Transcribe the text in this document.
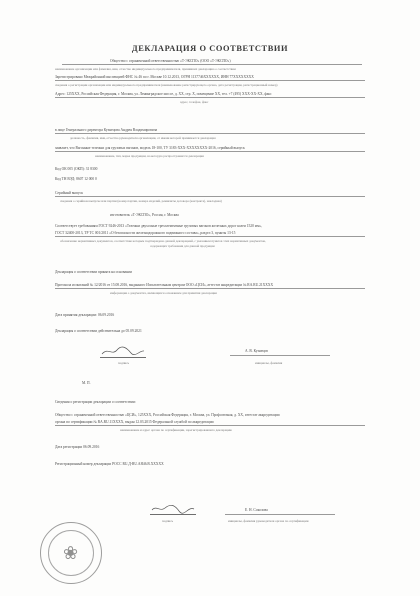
ДЕКЛАРАЦИЯ О СООТВЕТСТВИИ
Общество с ограниченной ответственностью «Т-ЭКСПО» (ООО «Т-ЭКСПО»)
наименование организации или фамилия, имя, отчество индивидуального предпринимателя, принявших декларацию о соответствии
Зарегистрировано Межрайонной инспекцией ФНС № 46 по г. Москве 10.12.2013, ОГРН 1137746XXXXXX, ИНН 77XXXXXXXX
сведения о регистрации организации или индивидуального предпринимателя (наименование регистрирующего органа, дата регистрации, регистрационный номер)
Адрес: 125XXX, Российская Федерация, г. Москва, ул. Ленинградское шоссе, д. XX, стр. X, помещение XX, тел. +7 (495) XXX-XX-XX, факс
адрес, телефон, факс
в лице Генерального директора Кузнецова Андрея Владимировича
должность, фамилия, имя, отчество руководителя организации, от имени которой принимается декларация
заявляет, что Вагонные тележки для грузовых вагонов, модель 18-100, ТУ 3183-XXX-XXXXXXXX-2016, серийный выпуск
наименование, тип, марка продукции, на которую распространяется декларация
Код ОК 005 (ОКП): 31 8300
Код ТН ВЭД: 8607 12 000 0
Серийный выпуск
сведения о серийном выпуске или партии (номер партии, номера изделий, реквизиты договора (контракта), накладная)
изготовитель «Т-ЭКСПО», Россия, г. Москва
Соответствует требованиям ГОСТ 9246-2013 «Тележки двухосные трехэлементные грузовых вагонов железных дорог колеи 1520 мм»,
ГОСТ 32400-2013, ТР ТС 001/2011 «О безопасности железнодорожного подвижного состава», раздел 3, пункты 13-15
обозначение нормативных документов, соответствие которым подтверждено данной декларацией, с указанием пунктов этих нормативных документов,
содержащих требования для данной продукции
Декларация о соответствии принята на основании
Протокола испытаний № 12/2016 от 15.08.2016, выданного Испытательным центром ООО «ЦСИ», аттестат аккредитации № RA.RU.21XXXX
информация о документах, являющихся основанием для принятия декларации
Дата принятия декларации: 06.09.2016
Декларация о соответствии действительна до 05.09.2021
А. В. Кузнецов
подпись	инициалы, фамилия
М. П.
Сведения о регистрации декларации о соответствии:
Общество с ограниченной ответственностью «ЦСИ», 125XXX, Российская Федерация, г. Москва, ул. Профсоюзная, д. XX, аттестат аккредитации
органа по сертификации № RA.RU.11XXXX, выдан 12.03.2015 Федеральной службой по аккредитации
наименование и адрес органа по сертификации, зарегистрировавшего декларацию
Дата регистрации 06.09.2016
Регистрационный номер декларации РОСС RU.Д-RU.АЯ46.В.XXXXX
❀
Е. Н. Соколова
подпись	инициалы, фамилия руководителя органа по сертификации
